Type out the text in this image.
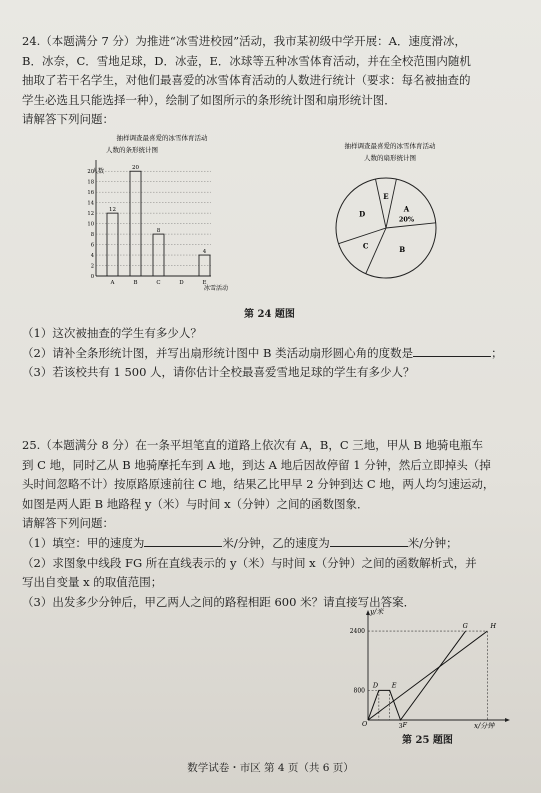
24.（本题满分 7 分）为推进“冰雪进校园”活动，我市某初级中学开展：A．速度滑冰，

B．冰奈，C．雪地足球，D．冰壶，E．冰球等五种冰雪体育活动，并在全校范围内随机

抽取了若干名学生，对他们最喜爱的冰雪体育活动的人数进行统计（要求：每名被抽查的

学生必选且只能选择一种），绘制了如图所示的条形统计图和扇形统计图．

请解答下列问题：

抽样调查最喜爱的冰雪体育活动
人数的条形统计图
人数
冰雪活动
2
4
6
8
10
12
14
16
18
20
0
12
A
20
B
8
C	D
4
E
抽样调查最喜爱的冰雪体育活动
人数的扇形统计图
A
20%
B
C
D
E
第 24 题图

（1）这次被抽查的学生有多少人？

（2）请补全条形统计图，并写出扇形统计图中 B 类活动扇形圆心角的度数是	；

（3）若该校共有 1 500 人，请你估计全校最喜爱雪地足球的学生有多少人？

25.（本题满分 8 分）在一条平坦笔直的道路上依次有 A，B，C 三地，甲从 B 地骑电瓶车

到 C 地，同时乙从 B 地骑摩托车到 A 地，到达 A 地后因故停留 1 分钟，然后立即掉头（掉

头时间忽略不计）按原路原速前往 C 地，结果乙比甲早 2 分钟到达 C 地，两人均匀速运动，

如图是两人距 B 地路程 y（米）与时间 x（分钟）之间的函数图象．

请解答下列问题：

（1）填空：甲的速度为	米/分钟，乙的速度为	米/分钟；

（2）求图象中线段 FG 所在直线表示的 y（米）与时间 x（分钟）之间的函数解析式，并

写出自变量 x 的取值范围；

（3）出发多少分钟后，甲乙两人之间的路程相距 600 米？请直接写出答案．

y/米
x/分钟
O
2400
800
3
D E
F
G	H
第 25 题图
数学试卷・市区 第 4 页（共 6 页）
